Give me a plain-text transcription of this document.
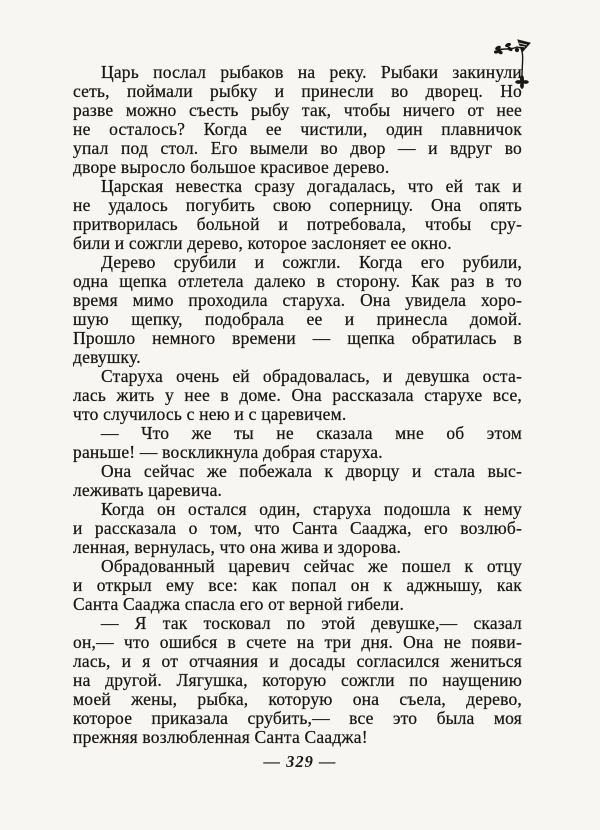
Царь послал рыбаков на реку. Рыбаки закинули
сеть, поймали рыбку и принесли во дворец. Но
разве можно съесть рыбу так, чтобы ничего от нее
не осталось? Когда ее чистили, один плавничок
упал под стол. Его вымели во двор — и вдруг во
дворе выросло большое красивое дерево.
Царская невестка сразу догадалась, что ей так и
не удалось погубить свою соперницу. Она опять
притворилась больной и потребовала, чтобы сру-
били и сожгли дерево, которое заслоняет ее окно.
Дерево срубили и сожгли. Когда его рубили,
одна щепка отлетела далеко в сторону. Как раз в то
время мимо проходила старуха. Она увидела хоро-
шую щепку, подобрала ее и принесла домой.
Прошло немного времени — щепка обратилась в
девушку.
Старуха очень ей обрадовалась, и девушка оста-
лась жить у нее в доме. Она рассказала старухе все,
что случилось с нею и с царевичем.
— Что же ты не сказала мне об этом
раньше! — воскликнула добрая старуха.
Она сейчас же побежала к дворцу и стала выс-
леживать царевича.
Когда он остался один, старуха подошла к нему
и рассказала о том, что Санта Сааджа, его возлюб-
ленная, вернулась, что она жива и здорова.
Обрадованный царевич сейчас же пошел к отцу
и открыл ему все: как попал он к аджнышу, как
Санта Сааджа спасла его от верной гибели.
— Я так тосковал по этой девушке,— сказал
он,— что ошибся в счете на три дня. Она не появи-
лась, и я от отчаяния и досады согласился жениться
на другой. Лягушка, которую сожгли по наущению
моей жены, рыбка, которую она съела, дерево,
которое приказала срубить,— все это была моя
прежняя возлюбленная Санта Сааджа!
— 329 —
